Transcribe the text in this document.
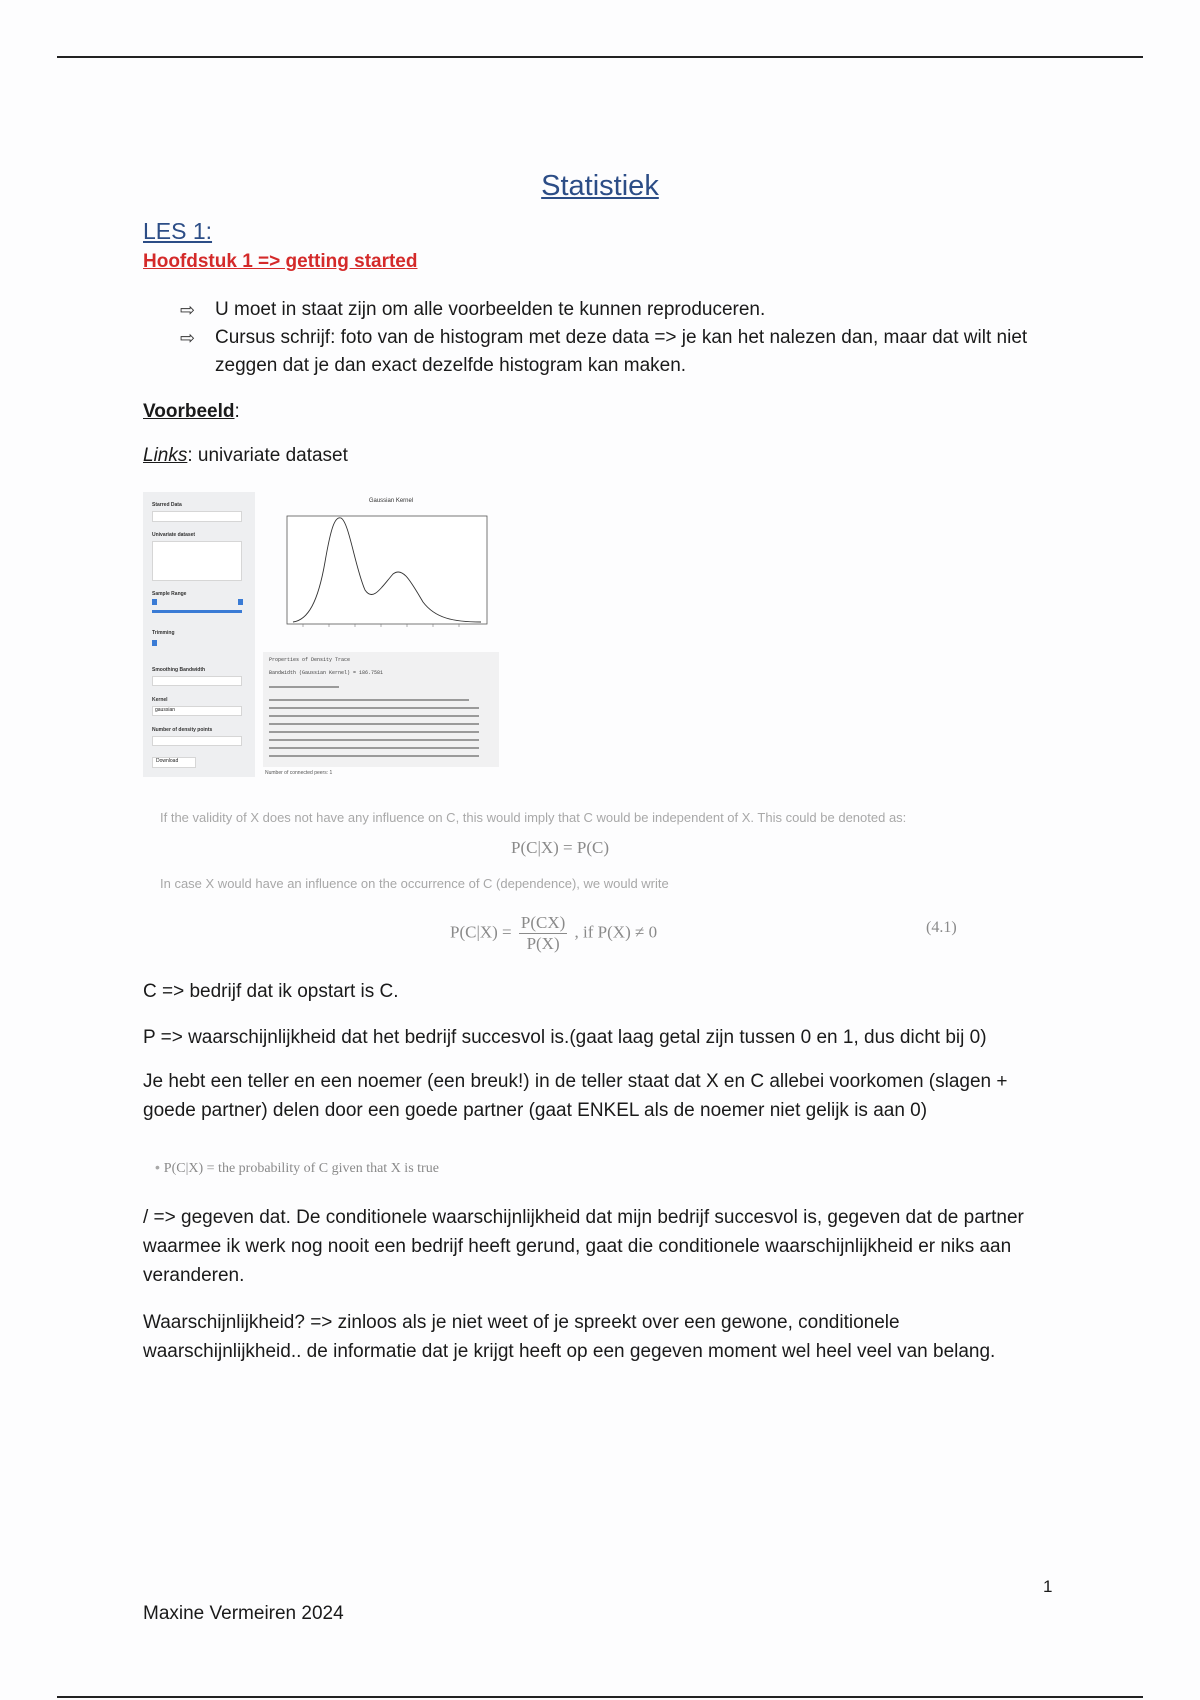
Statistiek
LES 1:
Hoofdstuk 1 => getting started
⇨ U moet in staat zijn om alle voorbeelden te kunnen reproduceren.
⇨ Cursus schrijf: foto van de histogram met deze data => je kan het nalezen dan, maar dat wilt niet zeggen dat je dan exact dezelfde histogram kan maken.
Voorbeeld:
Links: univariate dataset
Starred Data
Univariate dataset
Sample Range
Trimming
Smoothing Bandwidth
Kernel
gaussian
Number of density points
Download
Gaussian Kernel
Properties of Density Trace
Bandwidth (Gaussian Kernel) = 186.7581
Number of connected peers: 1
If the validity of X does not have any influence on C, this would imply that C would be independent of X. This could be denoted as:
P(C|X) = P(C)
In case X would have an influence on the occurrence of C (dependence), we would write
$P(C|X) = \frac{P(CX)}{P(X)}$ , if P(X) ≠ 0	(4.1)
C => bedrijf dat ik opstart is C.
P => waarschijnlijkheid dat het bedrijf succesvol is.(gaat laag getal zijn tussen 0 en 1, dus dicht bij 0)
Je hebt een teller en een noemer (een breuk!) in de teller staat dat X en C allebei voorkomen (slagen + goede partner) delen door een goede partner (gaat ENKEL als de noemer niet gelijk is aan 0)
• P(C|X) = the probability of C given that X is true
/ => gegeven dat. De conditionele waarschijnlijkheid dat mijn bedrijf succesvol is, gegeven dat de partner waarmee ik werk nog nooit een bedrijf heeft gerund, gaat die conditionele waarschijnlijkheid er niks aan veranderen.
Waarschijnlijkheid? => zinloos als je niet weet of je spreekt over een gewone, conditionele waarschijnlijkheid.. de informatie dat je krijgt heeft op een gegeven moment wel heel veel van belang.
1
Maxine Vermeiren 2024
